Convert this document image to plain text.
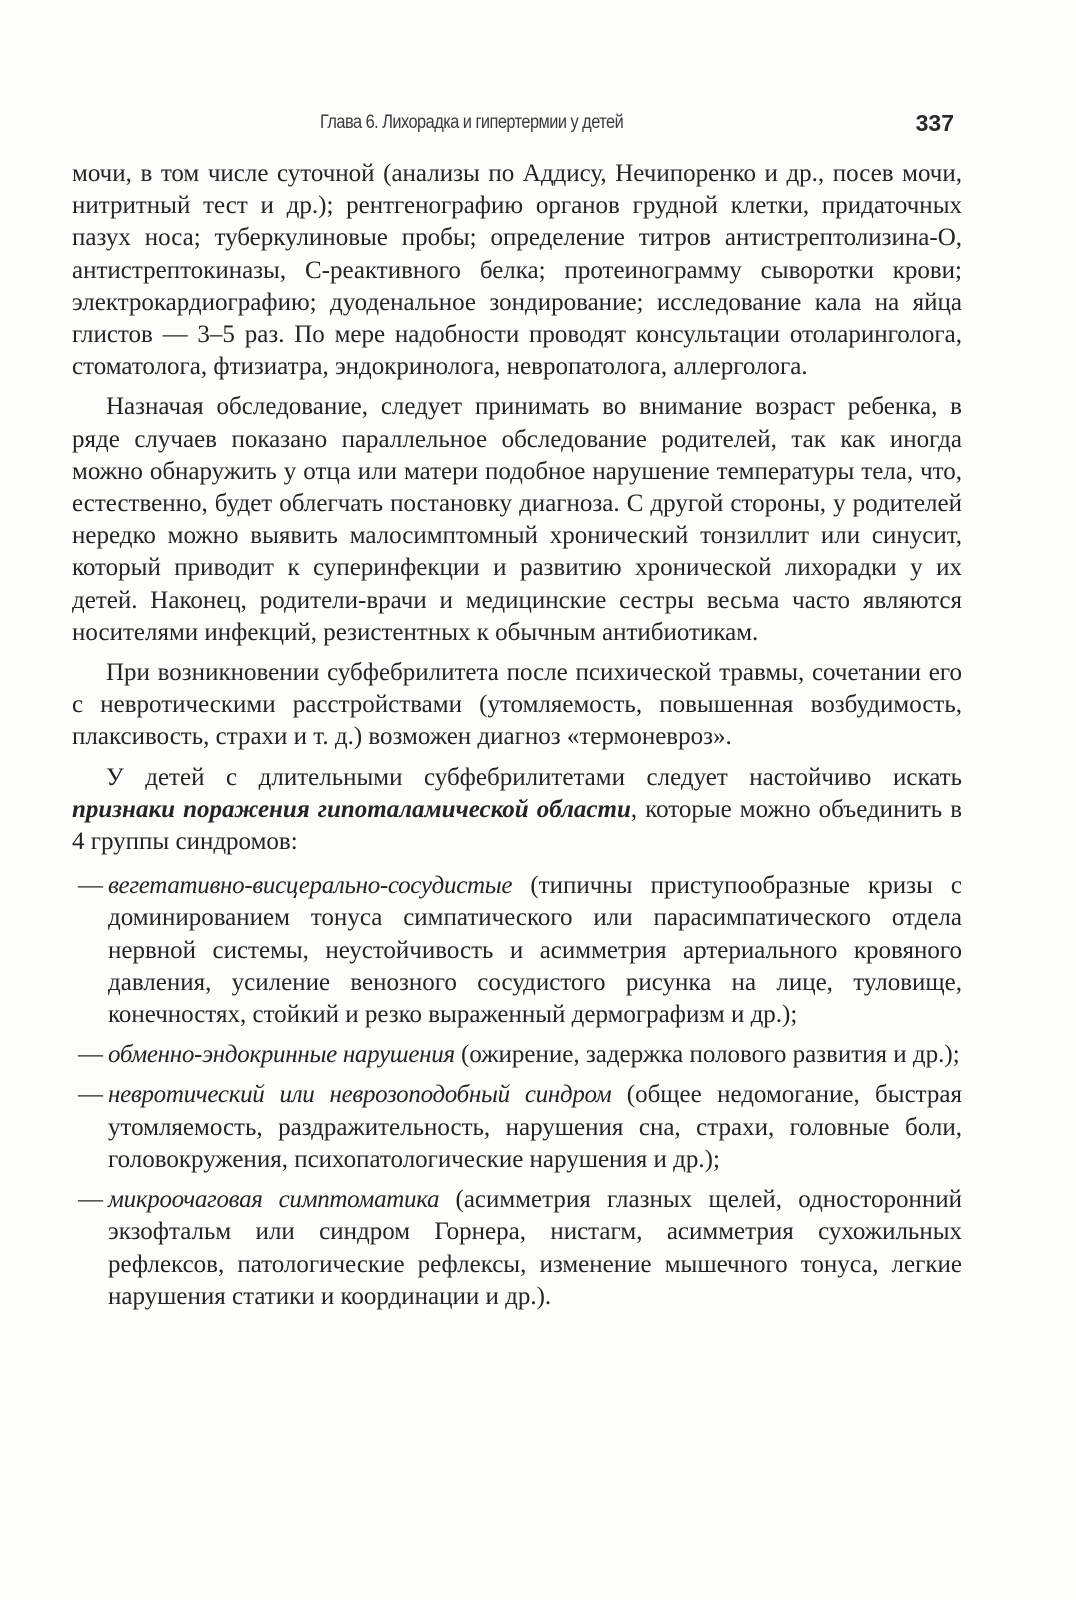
Глава 6. Лихорадка и гипертермии у детей	337

мочи, в том числе суточной (анализы по Аддису, Нечипоренко и др., посев мочи, нитритный тест и др.); рентгенографию органов грудной клетки, придаточных пазух носа; туберкулиновые пробы; определение титров антистрептолизина-О, антистрептокиназы, С-реактивного белка; протеинограмму сыворотки крови; электрокардиографию; дуоденальное зондирование; исследование кала на яйца глистов — 3–5 раз. По мере надобности проводят консультации отоларинголога, стоматолога, фтизиатра, эндокринолога, невропатолога, аллерголога.

Назначая обследование, следует принимать во внимание возраст ребенка, в ряде случаев показано параллельное обследование родителей, так как иногда можно обнаружить у отца или матери подобное нарушение температуры тела, что, естественно, будет облегчать постановку диагноза. С другой стороны, у родителей нередко можно выявить малосимптомный хронический тонзиллит или синусит, который приводит к суперинфекции и развитию хронической лихорадки у их детей. Наконец, родители-врачи и медицинские сестры весьма часто являются носителями инфекций, резистентных к обычным антибиотикам.

При возникновении субфебрилитета после психической травмы, сочетании его с невротическими расстройствами (утомляемость, повышенная возбудимость, плаксивость, страхи и т. д.) возможен диагноз «термоневроз».

У детей с длительными субфебрилитетами следует настойчиво искать признаки поражения гипоталамической области, которые можно объединить в 4 группы синдромов:

— вегетативно-висцерально-сосудистые (типичны приступообразные кризы с доминированием тонуса симпатического или парасимпатического отдела нервной системы, неустойчивость и асимметрия артериального кровяного давления, усиление венозного сосудистого рисунка на лице, туловище, конечностях, стойкий и резко выраженный дермографизм и др.);
— обменно-эндокринные нарушения (ожирение, задержка полового развития и др.);
— невротический или неврозоподобный синдром (общее недомогание, быстрая утомляемость, раздражительность, нарушения сна, страхи, головные боли, головокружения, психопатологические нарушения и др.);
— микроочаговая симптоматика (асимметрия глазных щелей, односторонний экзофтальм или синдром Горнера, нистагм, асимметрия сухожильных рефлексов, патологические рефлексы, изменение мышечного тонуса, легкие нарушения статики и координации и др.).
